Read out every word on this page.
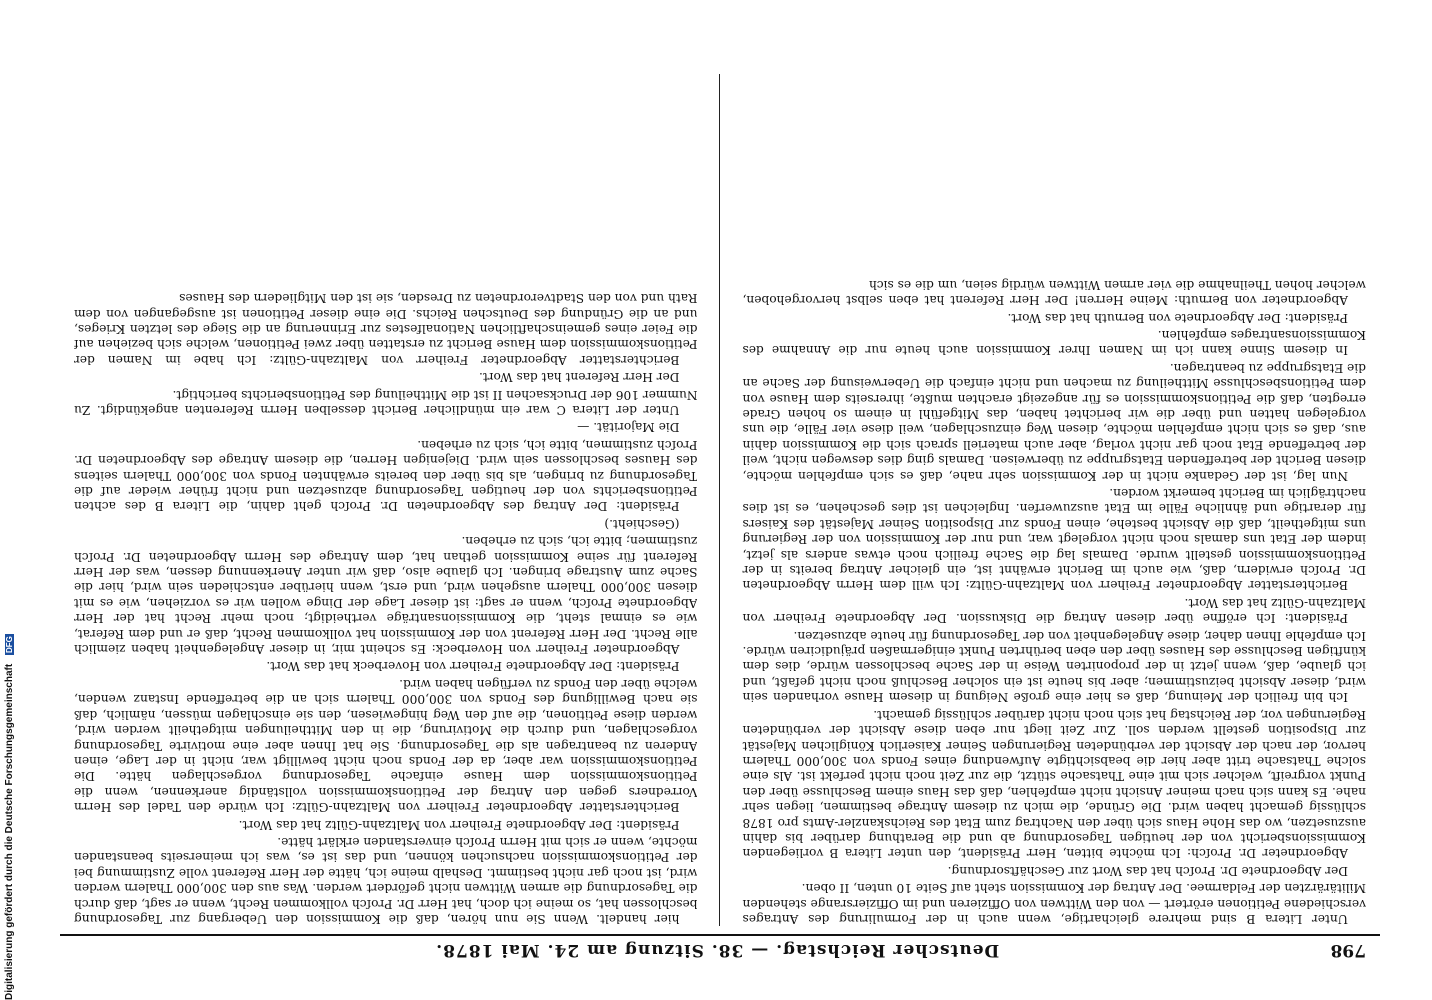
798
Deutscher Reichstag. — 38. Sitzung am 24. Mai 1878.

Unter Litera B sind mehrere gleichartige, wenn auch in der Formulirung des Antrages verschiedene Petitionen erörtert — von den Wittwen von Offizieren und im Offiziersrange stehenden Militärärzten der Feldarmee. Der Antrag der Kommission steht auf Seite 10 unten, II oben.

Der Abgeordnete Dr. Proſch hat das Wort zur Geschäftsordnung.

Abgeordneter Dr. Proſch: Ich möchte bitten, Herr Präsident, den unter Litera B vorliegenden Kommissionsbericht von der heutigen Tagesordnung ab und die Berathung darüber bis dahin auszusetzen, wo das Hohe Haus sich über den Nachtrag zum Etat des Reichskanzler-Amts pro 1878 schlüssig gemacht haben wird. Die Gründe, die mich zu diesem Antrage bestimmen, liegen sehr nahe. Es kann sich nach meiner Ansicht nicht empfehlen, daß das Haus einem Beschlusse über den Punkt vorgreift, welcher sich mit eine Thatsache stützt, die zur Zeit noch nicht perfekt ist. Als eine solche Thatsache tritt aber hier die beabsichtigte Aufwendung eines Fonds von 300,000 Thalern hervor, der nach der Absicht der verbündeten Regierungen Seiner Kaiserlich Königlichen Majestät zur Disposition gestellt werden soll. Zur Zeit liegt nur eben diese Absicht der verbündeten Regierungen vor, der Reichstag hat sich noch nicht darüber schlüssig gemacht.

Ich bin freilich der Meinung, daß es hier eine große Neigung in diesem Hause vorhanden sein wird, dieser Absicht beizustimmen; aber bis heute ist ein solcher Beschluß noch nicht gefaßt, und ich glaube, daß, wenn jetzt in der proponirten Weise in der Sache beschlossen würde, dies dem künftigen Beschlusse des Hauses über den eben berührten Punkt einigermaßen präjudiciren würde. Ich empfehle Ihnen daher, diese Angelegenheit von der Tagesordnung für heute abzusetzen.

Präsident: Ich eröffne über diesen Antrag die Diskussion. Der Abgeordnete Freiherr von Maltzahn-Gültz hat das Wort.

Berichterstatter Abgeordneter Freiherr von Maltzahn-Gültz: Ich will dem Herrn Abgeordneten Dr. Proſch erwidern, daß, wie auch im Bericht erwähnt ist, ein gleicher Antrag bereits in der Petitionskommission gestellt wurde. Damals lag die Sache freilich noch etwas anders als jetzt, indem der Etat uns damals noch nicht vorgelegt war, und nur der Kommission von der Regierung uns mitgetheilt, daß die Absicht bestehe, einen Fonds zur Disposition Seiner Majestät des Kaisers für derartige und ähnliche Fälle im Etat auszuwerfen. Ingleichen ist dies geschehen, es ist dies nachträglich im Bericht bemerkt worden.

Nun lag, ist der Gedanke nicht in der Kommission sehr nahe, daß es sich empfehlen möchte, diesen Bericht der betreffenden Etatsgruppe zu überweisen. Damals ging dies deswegen nicht, weil der betreffende Etat noch gar nicht vorlag, aber auch materiell sprach sich die Kommission dahin aus, daß es sich nicht empfehlen möchte, diesen Weg einzuschlagen, weil diese vier Fälle, die uns vorgelegen hatten und über die wir berichtet haben, das Mitgefühl in einem so hohen Grade erregten, daß die Petitionskommission es für angezeigt erachten mußte, ihrerseits dem Hause von dem Petitionsbeschlusse Mittheilung zu machen und nicht einfach die Ueberweisung der Sache an die Etatsgruppe zu beantragen.

In diesem Sinne kann ich im Namen Ihrer Kommission auch heute nur die Annahme des Kommissionsantrages empfehlen.

Präsident: Der Abgeordnete von Bernuth hat das Wort.

Abgeordneter von Bernuth: Meine Herren! Der Herr Referent hat eben selbst hervorgehoben, welcher hohen Theilnahme die vier armen Wittwen würdig seien, um die es sich

hier handelt. Wenn Sie nun hören, daß die Kommission den Uebergang zur Tagesordnung beschlossen hat, so meine ich doch, hat Herr Dr. Proſch vollkommen Recht, wenn er sagt, daß durch die Tagesordnung die armen Wittwen nicht gefördert werden. Was aus den 300,000 Thalern werden wird, ist noch gar nicht bestimmt. Deshalb meine ich, hätte der Herr Referent volle Zustimmung bei der Petitionskommission nachsuchen können, und das ist es, was ich meinerseits beanstanden möchte, wenn er sich mit Herrn Proſch einverstanden erklärt hätte.

Präsident: Der Abgeordnete Freiherr von Maltzahn-Gültz hat das Wort.

Berichterstatter Abgeordneter Freiherr von Maltzahn-Gültz: Ich würde den Tadel des Herrn Vorredners gegen den Antrag der Petitionskommission vollständig anerkennen, wenn die Petitionskommission dem Hause einfache Tagesordnung vorgeschlagen hätte. Die Petitionskommission war aber, da der Fonds noch nicht bewilligt war, nicht in der Lage, einen Anderen zu beantragen als die Tagesordnung. Sie hat Ihnen aber eine motivirte Tagesordnung vorgeschlagen, und durch die Motivirung, die in den Mittheilungen mitgetheilt werden wird, werden diese Petitionen, die auf den Weg hingewiesen, den sie einschlagen müssen, nämlich, daß sie nach Bewilligung des Fonds von 300,000 Thalern sich an die betreffende Instanz wenden, welche über den Fonds zu verfügen haben wird.

Präsident: Der Abgeordnete Freiherr von Hoverbeck hat das Wort.

Abgeordneter Freiherr von Hoverbeck: Es scheint mir, in dieser Angelegenheit haben ziemlich alle Recht. Der Herr Referent von der Kommission hat vollkommen Recht, daß er und dem Referat, wie es einmal steht, die Kommissionsanträge vertheidigt; noch mehr Recht hat der Herr Abgeordnete Proſch, wenn er sagt: ist dieser Lage der Dinge wollen wir es vorziehen, wie es mit diesen 300,000 Thalern ausgehen wird, und erst, wenn hierüber entschieden sein wird, hier die Sache zum Austrage bringen. Ich glaube also, daß wir unter Anerkennung dessen, was der Herr Referent für seine Kommission gethan hat, dem Antrage des Herrn Abgeordneten Dr. Proſch zustimmen; bitte ich, sich zu erheben.

(Geschieht.)

Präsident: Der Antrag des Abgeordneten Dr. Proſch geht dahin, die Litera B des achten Petitionsberichts von der heutigen Tagesordnung abzusetzen und nicht früher wieder auf die Tagesordnung zu bringen, als bis über den bereits erwähnten Fonds von 300,000 Thalern seitens des Hauses beschlossen sein wird. Diejenigen Herren, die diesem Antrage des Abgeordneten Dr. Proſch zustimmen, bitte ich, sich zu erheben.

Die Majorität. —

Unter der Litera C war ein mündlicher Bericht desselben Herrn Referenten angekündigt. Zu Nummer 106 der Drucksachen II ist die Mittheilung des Petitionsberichts berichtigt.

Der Herr Referent hat das Wort.

Berichterstatter Abgeordneter Freiherr von Maltzahn-Gültz: Ich habe im Namen der Petitionskommission dem Hause Bericht zu erstatten über zwei Petitionen, welche sich beziehen auf die Feier eines gemeinschaftlichen Nationalfestes zur Erinnerung an die Siege des letzten Krieges, und an die Gründung des Deutschen Reichs. Die eine dieser Petitionen ist ausgegangen von dem Rath und von den Stadtverordneten zu Dresden, sie ist den Mitgliedern des Hauses

Digitalisierung gefördert durch die Deutsche Forschungsgemeinschaft DFG
